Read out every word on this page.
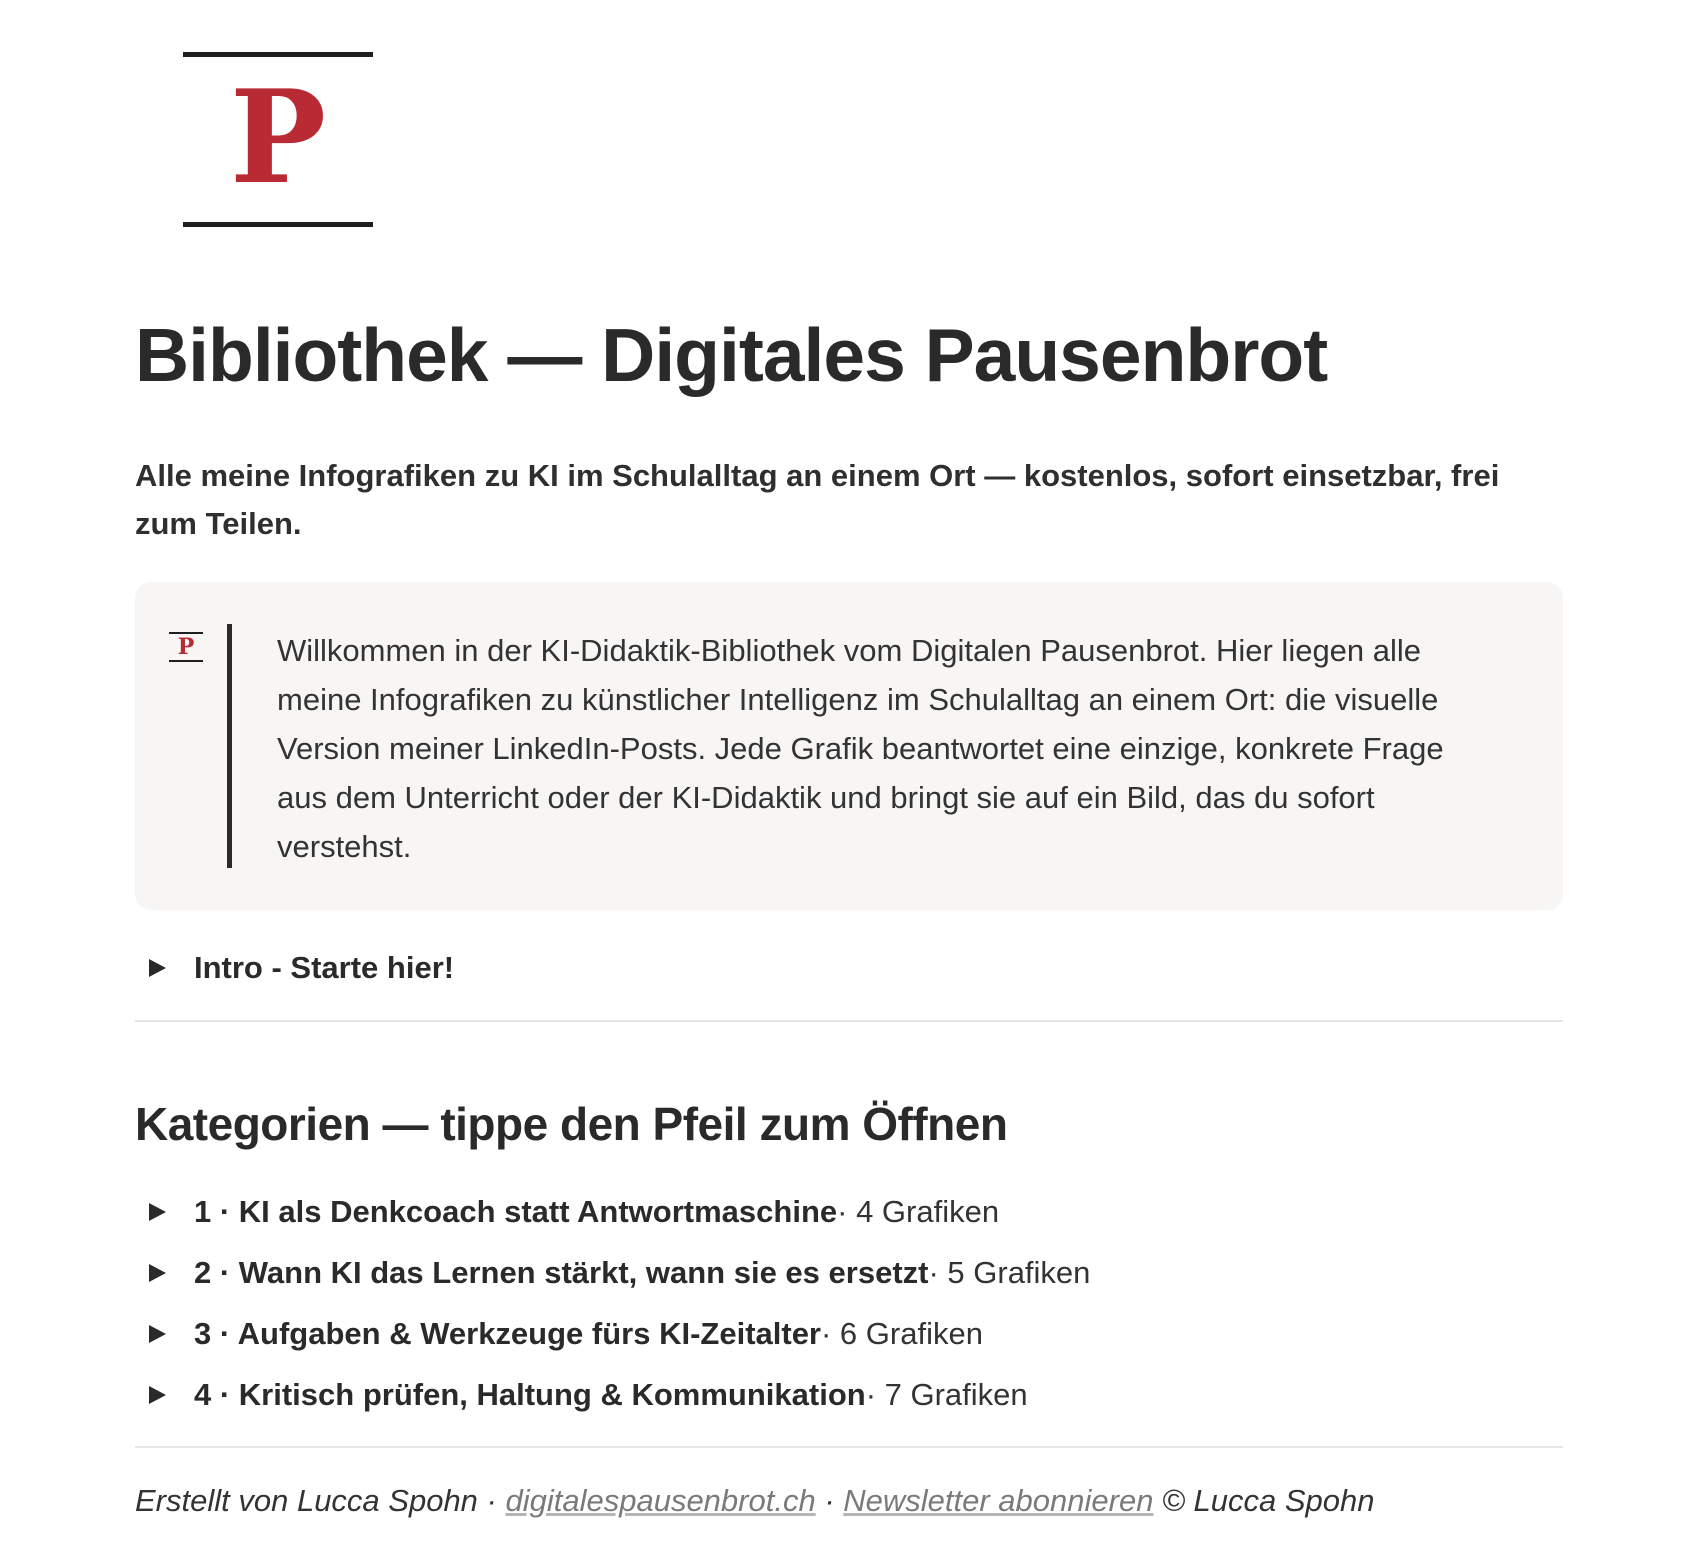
P
Bibliothek — Digitales Pausenbrot

Alle meine Infografiken zu KI im Schulalltag an einem Ort — kostenlos, sofort einsetzbar, frei zum Teilen.

P	Willkommen in der KI-Didaktik-Bibliothek vom Digitalen Pausenbrot. Hier liegen alle meine Infografiken zu künstlicher Intelligenz im Schulalltag an einem Ort: die visuelle Version meiner LinkedIn-Posts. Jede Grafik beantwortet eine einzige, konkrete Frage aus dem Unterricht oder der KI-Didaktik und bringt sie auf ein Bild, das du sofort verstehst.

Intro - Starte hier!
Kategorien — tippe den Pfeil zum Öffnen
1 · KI als Denkcoach statt Antwortmaschine · 4 Grafiken
2 · Wann KI das Lernen stärkt, wann sie es ersetzt · 5 Grafiken
3 · Aufgaben & Werkzeuge fürs KI-Zeitalter · 6 Grafiken
4 · Kritisch prüfen, Haltung & Kommunikation · 7 Grafiken

Erstellt von Lucca Spohn · digitalespausenbrot.ch · Newsletter abonnieren © Lucca Spohn
